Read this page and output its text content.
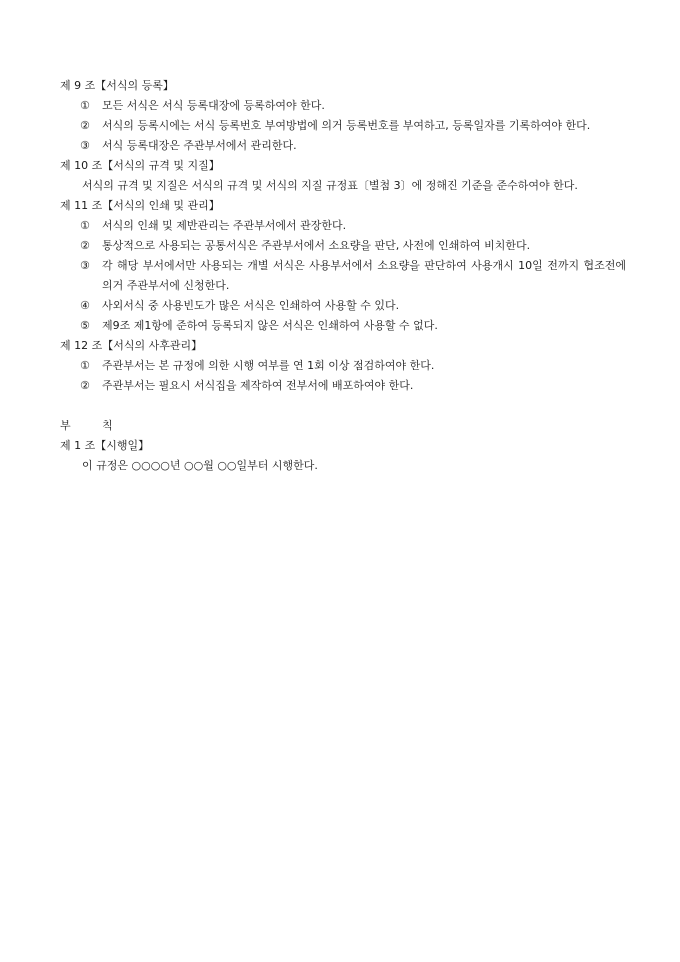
제 9 조【서식의 등록】
① 모든 서식은 서식 등록대장에 등록하여야 한다.
② 서식의 등록시에는 서식 등록번호 부여방법에 의거 등록번호를 부여하고, 등록일자를 기록하여야 한다.
③ 서식 등록대장은 주관부서에서 관리한다.
제 10 조【서식의 규격 및 지질】
서식의 규격 및 지질은 서식의 규격 및 서식의 지질 규정표〔별첨 3〕에 정해진 기준을 준수하여야 한다.
제 11 조【서식의 인쇄 및 관리】
① 서식의 인쇄 및 제반관리는 주관부서에서 관장한다.
② 통상적으로 사용되는 공통서식은 주관부서에서 소요량을 판단, 사전에 인쇄하여 비치한다.
③ 각 해당 부서에서만 사용되는 개별 서식은 사용부서에서 소요량을 판단하여 사용개시 10일 전까지 협조전에 의거 주관부서에 신청한다.
④ 사외서식 중 사용빈도가 많은 서식은 인쇄하여 사용할 수 있다.
⑤ 제9조 제1항에 준하여 등록되지 않은 서식은 인쇄하여 사용할 수 없다.
제 12 조【서식의 사후관리】
① 주관부서는 본 규정에 의한 시행 여부를 연 1회 이상 점검하여야 한다.
② 주관부서는 필요시 서식집을 제작하여 전부서에 배포하여야 한다.
부 칙
제 1 조【시행일】
이 규정은 ○○○○년 ○○월 ○○일부터 시행한다.
